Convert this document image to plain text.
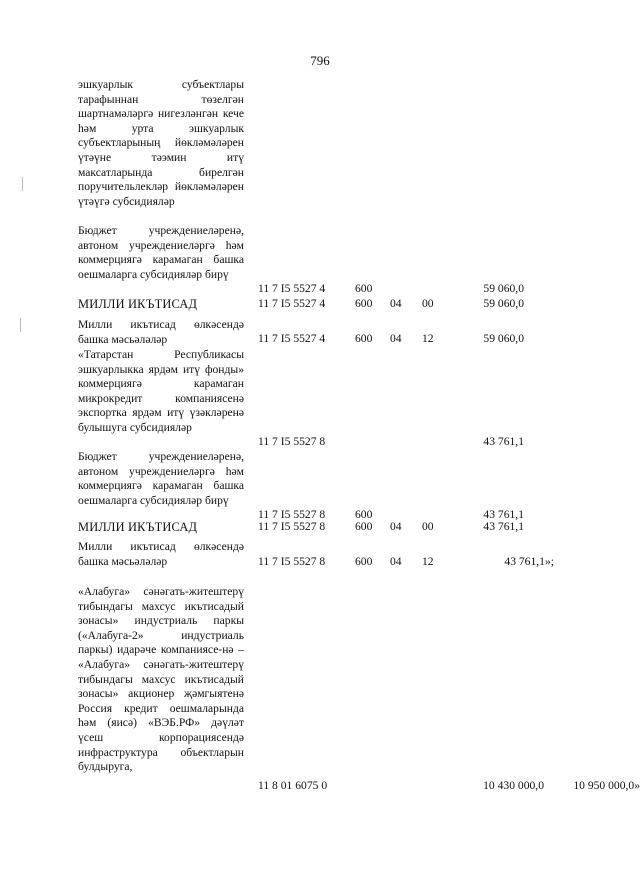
796
эшкуарлык субъектлары тарафыннан төзелгән шартнамәләргә нигезләнгән кече һәм урта эшкуарлык субъектларының йөкләмәләрен үтәүне тәэмин итү максатларында бирелгән поручительлекләр йөкләмәләрен үтәүгә субсидияләр
Бюджет учреждениеләренә, автоном учреждениеләргә һәм коммерциягә карамаган башка оешмаларга субсидияләр бирү
11 7 I5 5527 4	600	59 060,0
МИЛЛИ ИКЪТИСАД	11 7 I5 5527 4	600 04 00	59 060,0
Милли икътисад өлкәсендә башка мәсьәләләр	11 7 I5 5527 4	600 04 12	59 060,0
«Татарстан Республикасы эшкуарлыкка ярдәм итү фонды» коммерциягә карамаган микрокредит компаниясенә экспортка ярдәм итү үзәкләренә булышуга субсидияләр
11 7 I5 5527 8	43 761,1
Бюджет учреждениеләренә, автоном учреждениеләргә һәм коммерциягә карамаган башка оешмаларга субсидияләр бирү
11 7 I5 5527 8	600	43 761,1
МИЛЛИ ИКЪТИСАД	11 7 I5 5527 8	600 04 00	43 761,1
Милли икътисад өлкәсендә башка мәсьәләләр	11 7 I5 5527 8	600 04 12	43 761,1»;
«Алабуга» сәнәгать-житештерү тибындагы махсус икътисадый зонасы» индустриаль паркы («Алабуга-2» индустриаль паркы) идарәче компаниясе-нә – «Алабуга» сәнәгать-житештерү тибындагы махсус икътисадый зонасы» акционер җәмгыятенә Россия кредит оешмаларында һәм (яисә) «ВЭБ.РФ» дәүләт үсеш корпорациясендә инфраструктура объектларын булдыруга,
11 8 01 6075 0	10 430 000,0	10 950 000,0»
